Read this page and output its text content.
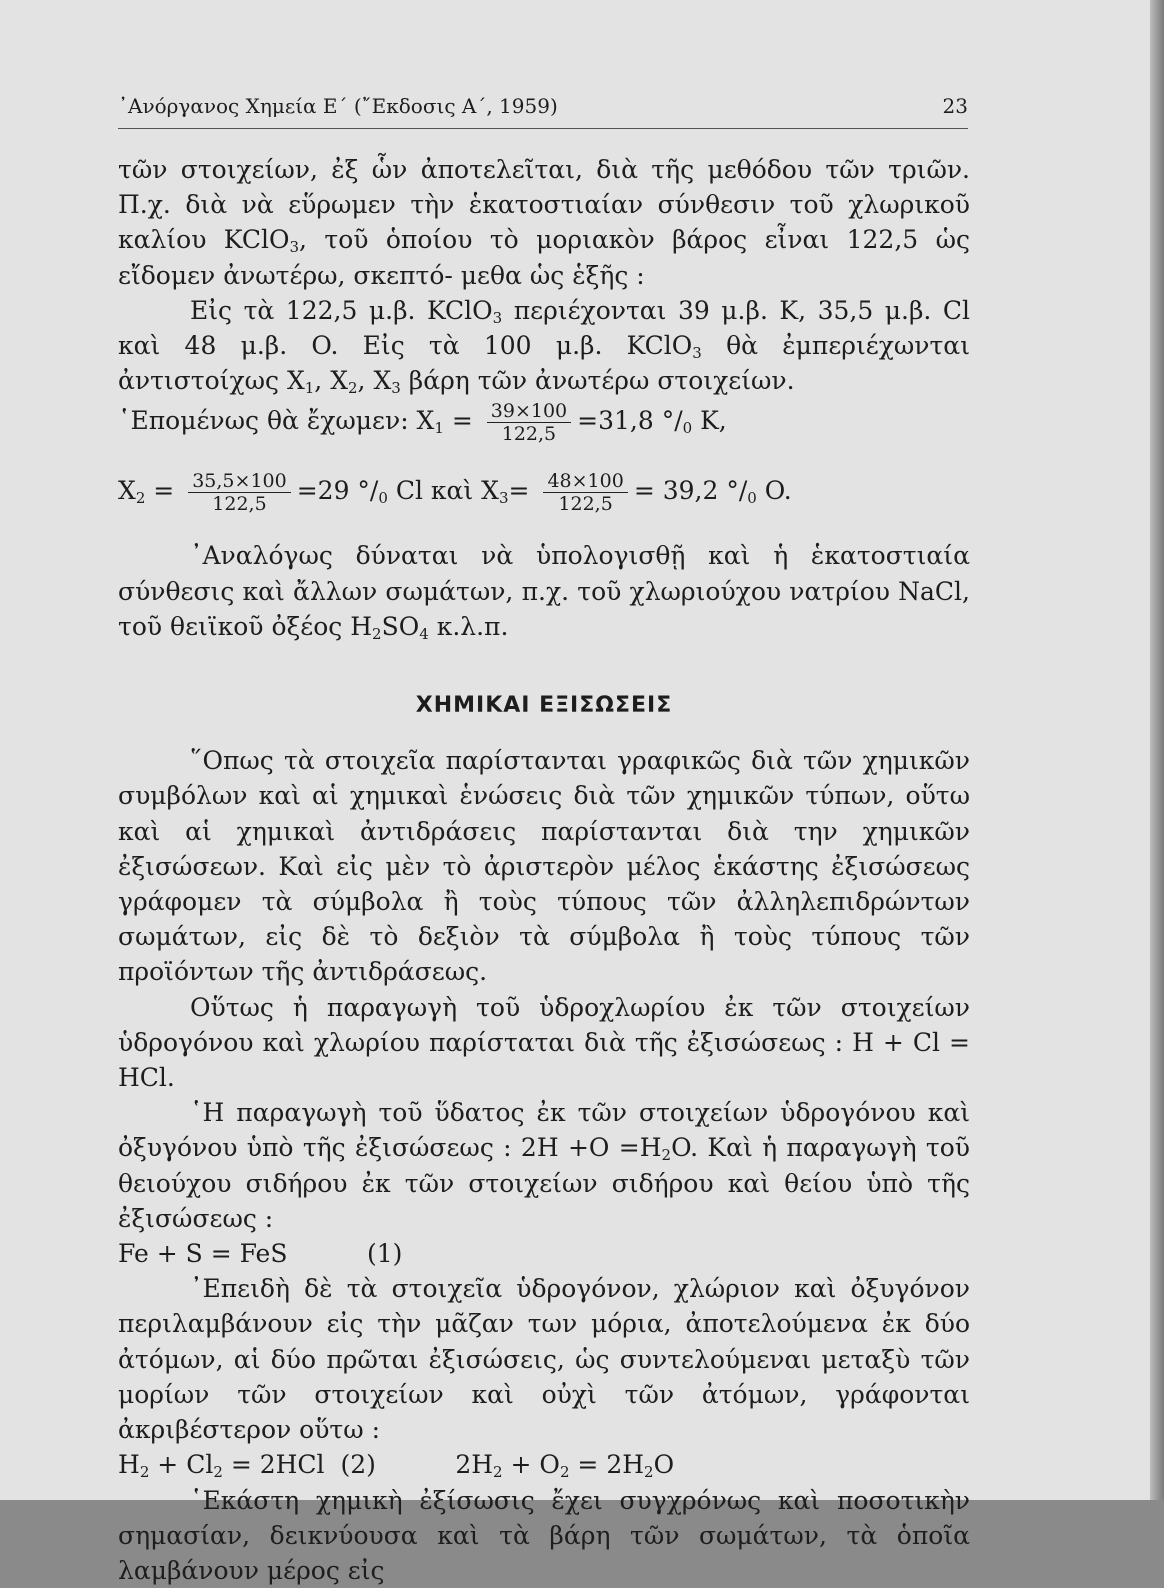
᾽Ανόργανος Χημεία Ε΄ (῎Εκδοσις Α΄, 1959)	23

τῶν στοιχείων, ἐξ ὧν ἀποτελεῖται, διὰ τῆς μεθόδου τῶν τριῶν. Π.χ. διὰ νὰ εὕρωμεν τὴν ἑκατοστιαίαν σύνθεσιν τοῦ χλωρικοῦ καλίου KClO$_3$, τοῦ ὁποίου τὸ μοριακὸν βάρος εἶναι 122,5 ὡς εἴδομεν ἀνωτέρω, σκεπτό- μεθα ὡς ἑξῆς :

Εἰς τὰ 122,5 μ.β. KClO$_3$ περιέχονται 39 μ.β. K, 35,5 μ.β. Cl καὶ 48 μ.β. O. Εἰς τὰ 100 μ.β. KClO$_3$ θὰ ἐμπεριέχωνται ἀντιστοίχως $X_1$, $X_2$, $X_3$ βάρη τῶν ἀνωτέρω στοιχείων.

῾Επομένως θὰ ἔχωμεν: $X_1 = \frac{39\times 100}{122,5} =31,8$ $^\circ/_0$ K,

$X_2 = \frac{35,5\times 100}{122,5} =29$ $^\circ/_0$ Cl καὶ $X_3= \frac{48\times 100}{122,5} = 39,2$ $^\circ/_0$ O.

᾽Αναλόγως δύναται νὰ ὑπολογισθῇ καὶ ἡ ἑκατοστιαία σύνθεσις καὶ ἄλλων σωμάτων, π.χ. τοῦ χλωριούχου νατρίου NaCl, τοῦ θειϊκοῦ ὀξέος $H_2SO_4$ κ.λ.π.

ΧΗΜΙΚΑΙ ΕΞΙΣΩΣΕΙΣ

῞Οπως τὰ στοιχεῖα παρίστανται γραφικῶς διὰ τῶν χημικῶν συμβόλων καὶ αἱ χημικαὶ ἑνώσεις διὰ τῶν χημικῶν τύπων, οὕτω καὶ αἱ χημικαὶ ἀντιδράσεις παρίστανται διὰ την χημικῶν ἐξισώσεων. Καὶ εἰς μὲν τὸ ἀριστερὸν μέλος ἑκάστης ἐξισώσεως γράφομεν τὰ σύμβολα ἢ τοὺς τύπους τῶν ἀλληλεπιδρώντων σωμάτων, εἰς δὲ τὸ δεξιὸν τὰ σύμβολα ἢ τοὺς τύπους τῶν προϊόντων τῆς ἀντιδράσεως.

Οὕτως ἡ παραγωγὴ τοῦ ὑδροχλωρίου ἐκ τῶν στοιχείων ὑδρογόνου καὶ χλωρίου παρίσταται διὰ τῆς ἐξισώσεως : H + Cl = HCl.

῾Η παραγωγὴ τοῦ ὕδατος ἐκ τῶν στοιχείων ὑδρογόνου καὶ ὀξυγόνου ὑπὸ τῆς ἐξισώσεως : $2H +O =H_2O$. Καὶ ἡ παραγωγὴ τοῦ θειούχου σιδήρου ἐκ τῶν στοιχείων σιδήρου καὶ θείου ὑπὸ τῆς ἐξισώσεως :

Fe + S = FeS          (1)

᾽Επειδὴ δὲ τὰ στοιχεῖα ὑδρογόνον, χλώριον καὶ ὀξυγόνον περιλαμβάνουν εἰς τὴν μᾶζαν των μόρια, ἀποτελούμενα ἐκ δύο ἀτόμων, αἱ δύο πρῶται ἐξισώσεις, ὡς συντελούμεναι μεταξὺ τῶν μορίων τῶν στοιχείων καὶ οὐχὶ τῶν ἀτόμων, γράφονται ἀκριβέστερον οὕτω :

$H_2 + Cl_2 = 2HCl$  (2)	$2H_2 + O_2 = 2H_2O$

῾Εκάστη χημικὴ ἐξίσωσις ἔχει συγχρόνως καὶ ποσοτικὴν σημασίαν, δεικνύουσα καὶ τὰ βάρη τῶν σωμάτων, τὰ ὁποῖα λαμβάνουν μέρος εἰς
